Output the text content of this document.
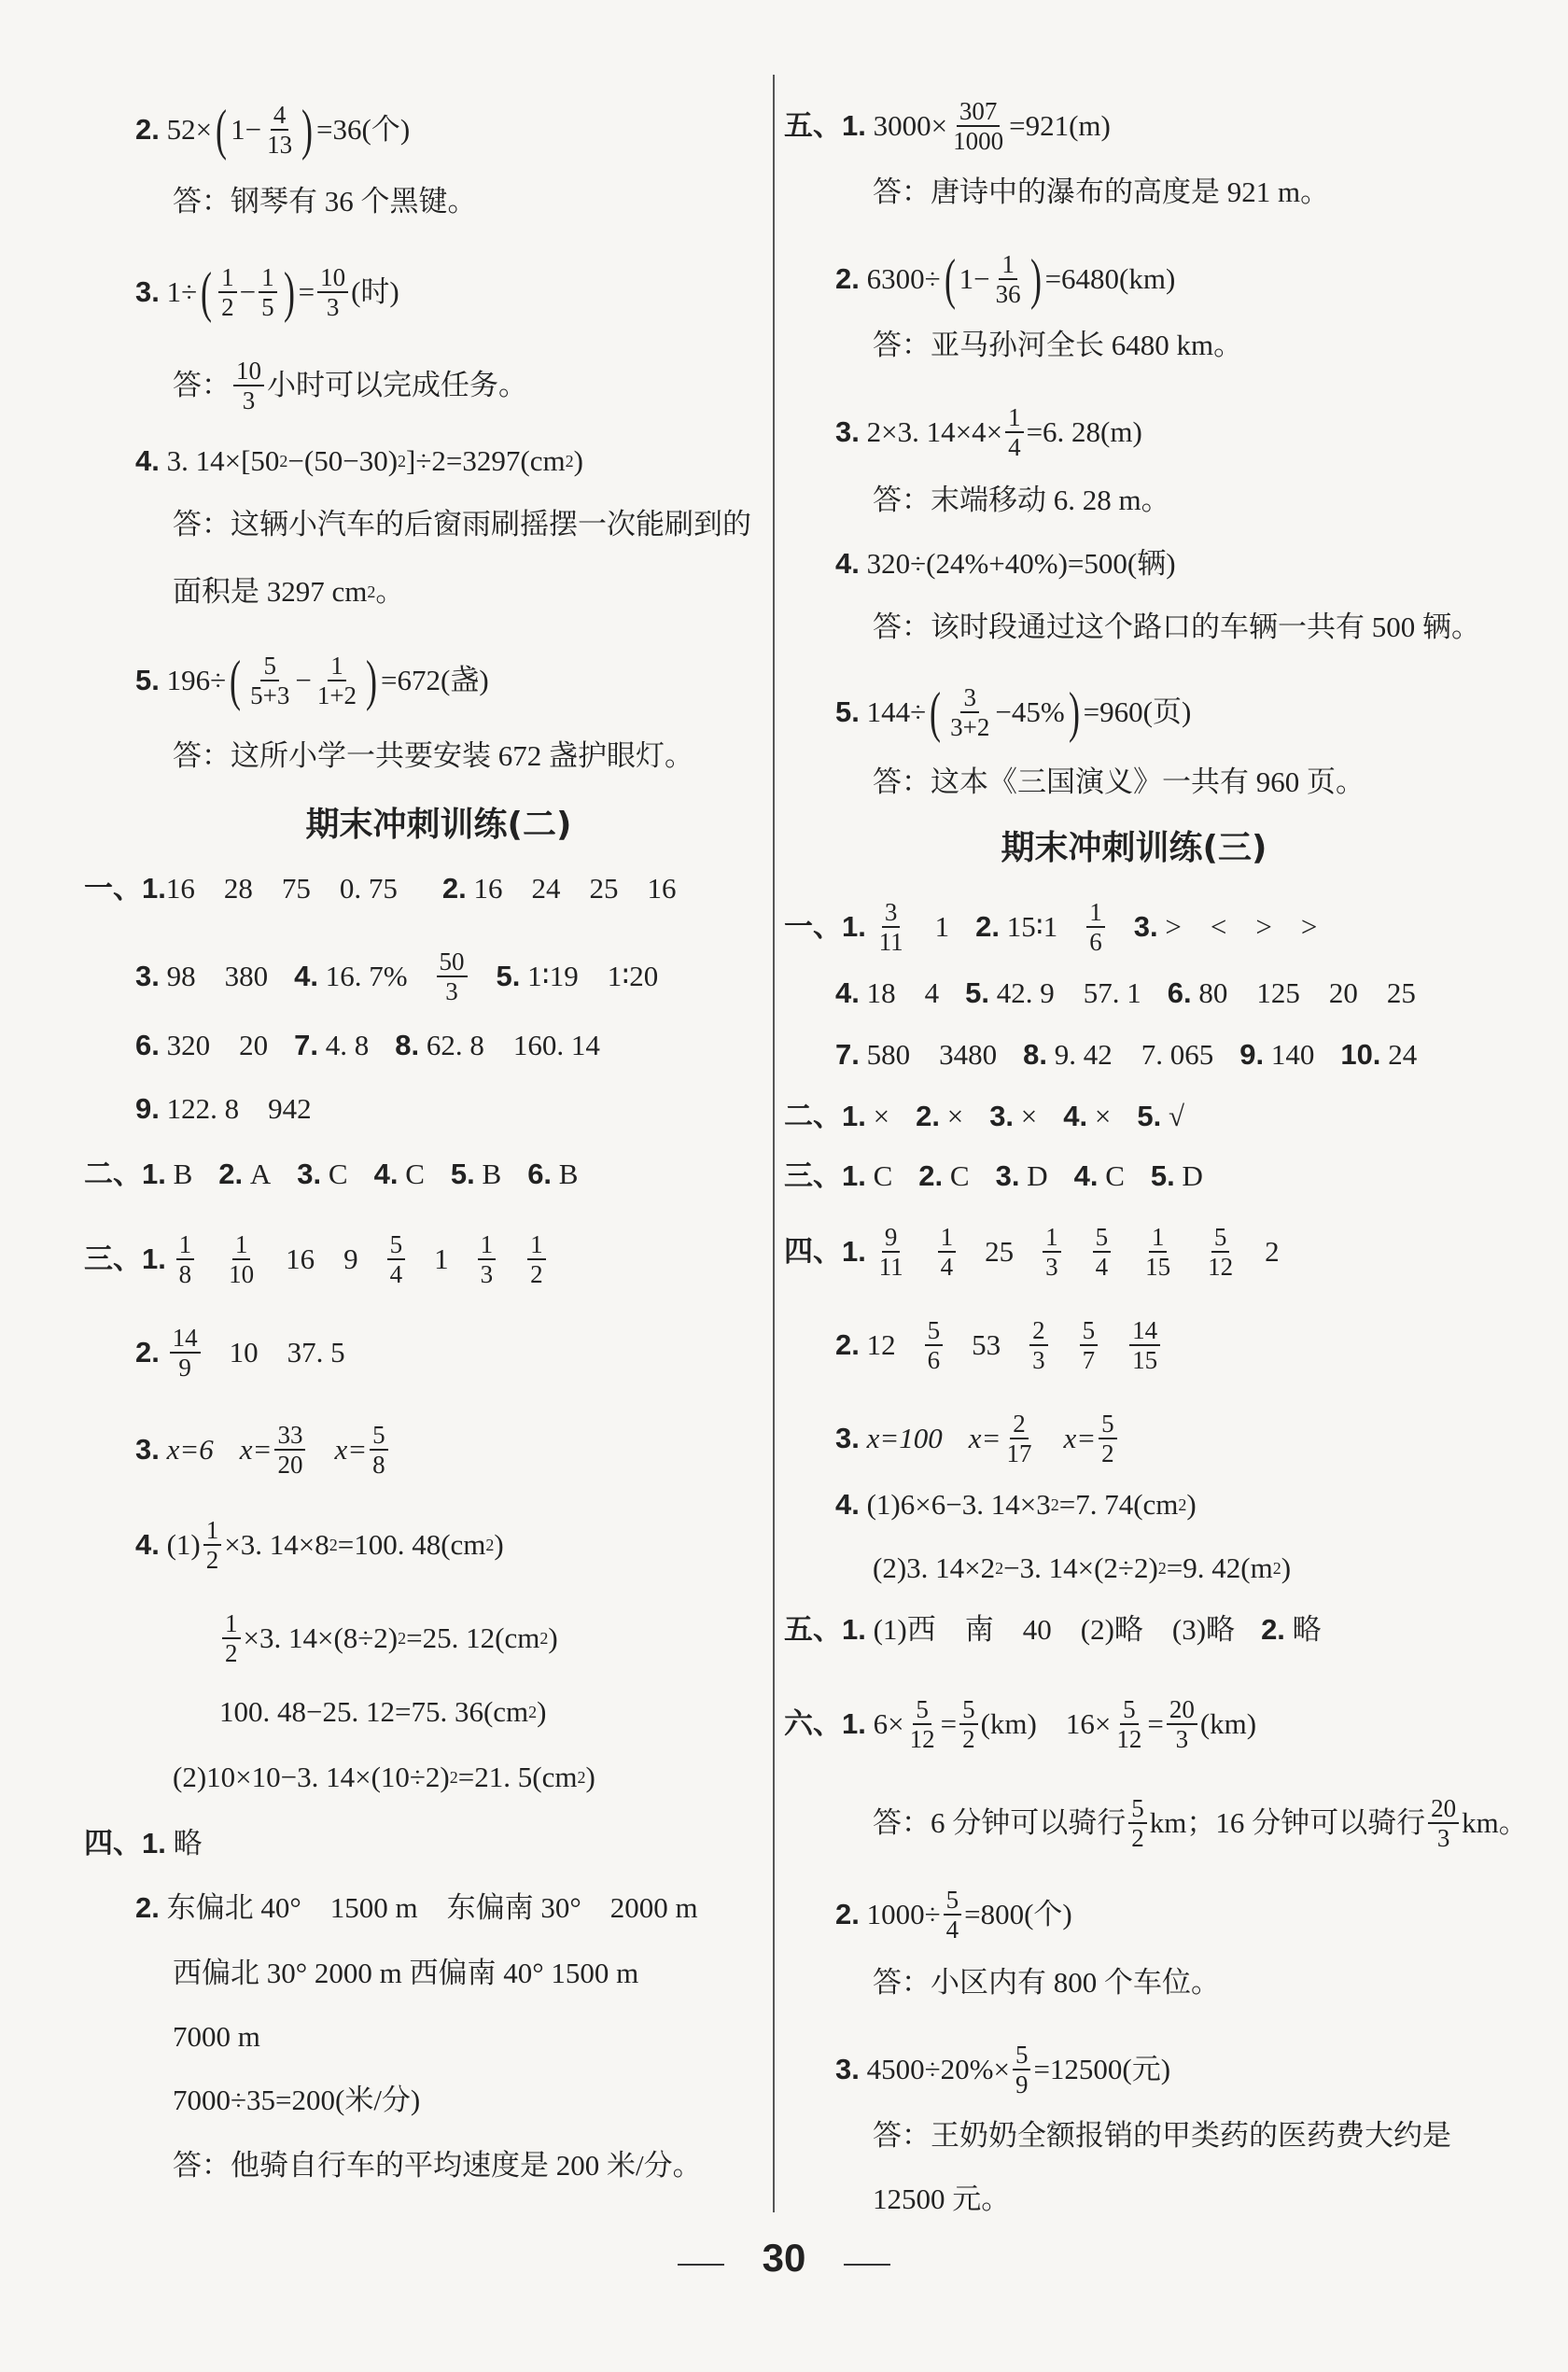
2.
52× ( $1- \frac{4}{13}$ ) =36(个)
答：钢琴有 36 个黑键。
3.
1÷ ( $\frac{1}{2} - \frac{1}{5}$ ) = $\frac{10}{3}$ (时)
答： $\frac{10}{3}$ 小时可以完成任务。
4.
3. 14×[50 2 −(50−30) 2 ]÷2=3297(cm 2 )
答：这辆小汽车的后窗雨刷摇摆一次能刷到的
面积是 3297 cm 2 。
5.
196÷ ( $\frac{5}{5+3} - \frac{1}{1+2}$ ) =672(盏)
答：这所小学一共要安装 672 盏护眼灯。
期末冲刺训练(二)
一、1. 16    28    75    0. 75 2.
16    24    25    16
3.
98    380 4.
16. $7\% \frac{50}{3} 5$.
1∶19    1∶20
6.
320    20 7.
4. 8 8.
62. 8    160. 14
9.
122. 8    942
二、1.
B 2.
A 3.
C 4.
C 5.
B 6.
B
三、1.
$\frac{1}{8} \frac{1}{10} 16$    $9 \frac{5}{4} 1 \frac{1}{3} \frac{1}{2}$
2.
$\frac{14}{9} 10$    37. 5
3.
x=6 $x= \frac{33}{20} x= \frac{5}{8}$
4.
$(1) \frac{1}{2} \times 3$. 14×8 2 =100. 48(cm 2 )
$\frac{1}{2} \times 3$. 14×(8÷2) 2 =25. 12(cm 2 )
100. 48−25. 12=75. 36(cm 2 )
(2)10×10−3. 14×(10÷2) 2 =21. 5(cm 2 )
四、1.
略
2.
东偏北 40°    1500 m    东偏南 30°    2000 m
西偏北 30° 2000 m 西偏南 40° 1500 m
7000 m
7000÷35=200(米/分)
答：他骑自行车的平均速度是 200 米/分。
五、1.
$3000\times \frac{307}{1000} =921(m)$
答：唐诗中的瀑布的高度是 921 m。
2.
6300÷ ( $1- \frac{1}{36}$ ) =6480(km)
答：亚马孙河全长 6480 km。
3.
2×3. $14\times 4\times \frac{1}{4} =6$. 28(m)
答：末端移动 6. 28 m。
4.
320÷(24%+40%)=500(辆)
答：该时段通过这个路口的车辆一共有 500 辆。
5.
144÷ ( $\frac{3}{3+2} -45\%$ ) =960(页)
答：这本《三国演义》一共有 960 页。
期末冲刺训练(三)
一、1.
$\frac{3}{11} 1$ 2.
15∶1 $\frac{1}{6} 3$.
>    <    >    >
4.
18    4 5.
42. 9    57. 1 6.
80    125    20    25
7.
580    3480 8.
9. 42    7. 065 9.
140 10.
24
二、1.
× 2.
× 3.
× 4.
× 5.
√
三、1.
C 2.
C 3.
D 4.
C 5.
D
四、1.
$\frac{9}{11} \frac{1}{4} 25 \frac{1}{3} \frac{5}{4} \frac{1}{15} \frac{5}{12} 2$
2.
$12 \frac{5}{6} 53 \frac{2}{3} \frac{5}{7} \frac{14}{15}$
3.
x=100 $x= \frac{2}{17} x= \frac{5}{2}$
4.
(1)6×6−3. 14×3 2 =7. 74(cm 2 )
(2)3. 14×2 2 −3. 14×(2÷2) 2 =9. 42(m 2 )
五、1.
(1)西    南    40    (2)略    (3)略 2.
略
六、1.
$6\times \frac{5}{12} = \frac{5}{2} (km)$    $16\times \frac{5}{12} = \frac{20}{3} (km)$
答：6 分钟可以骑行 $\frac{5}{2}$ km；16 分钟可以骑行 $\frac{20}{3}$ km。
2.
$1000\div \frac{5}{4} =800$(个)
答：小区内有 800 个车位。
3.
$4500\div 20\%\times \frac{5}{9} =12500$(元)
答：王奶奶全额报销的甲类药的医药费大约是
12500 元。
30
